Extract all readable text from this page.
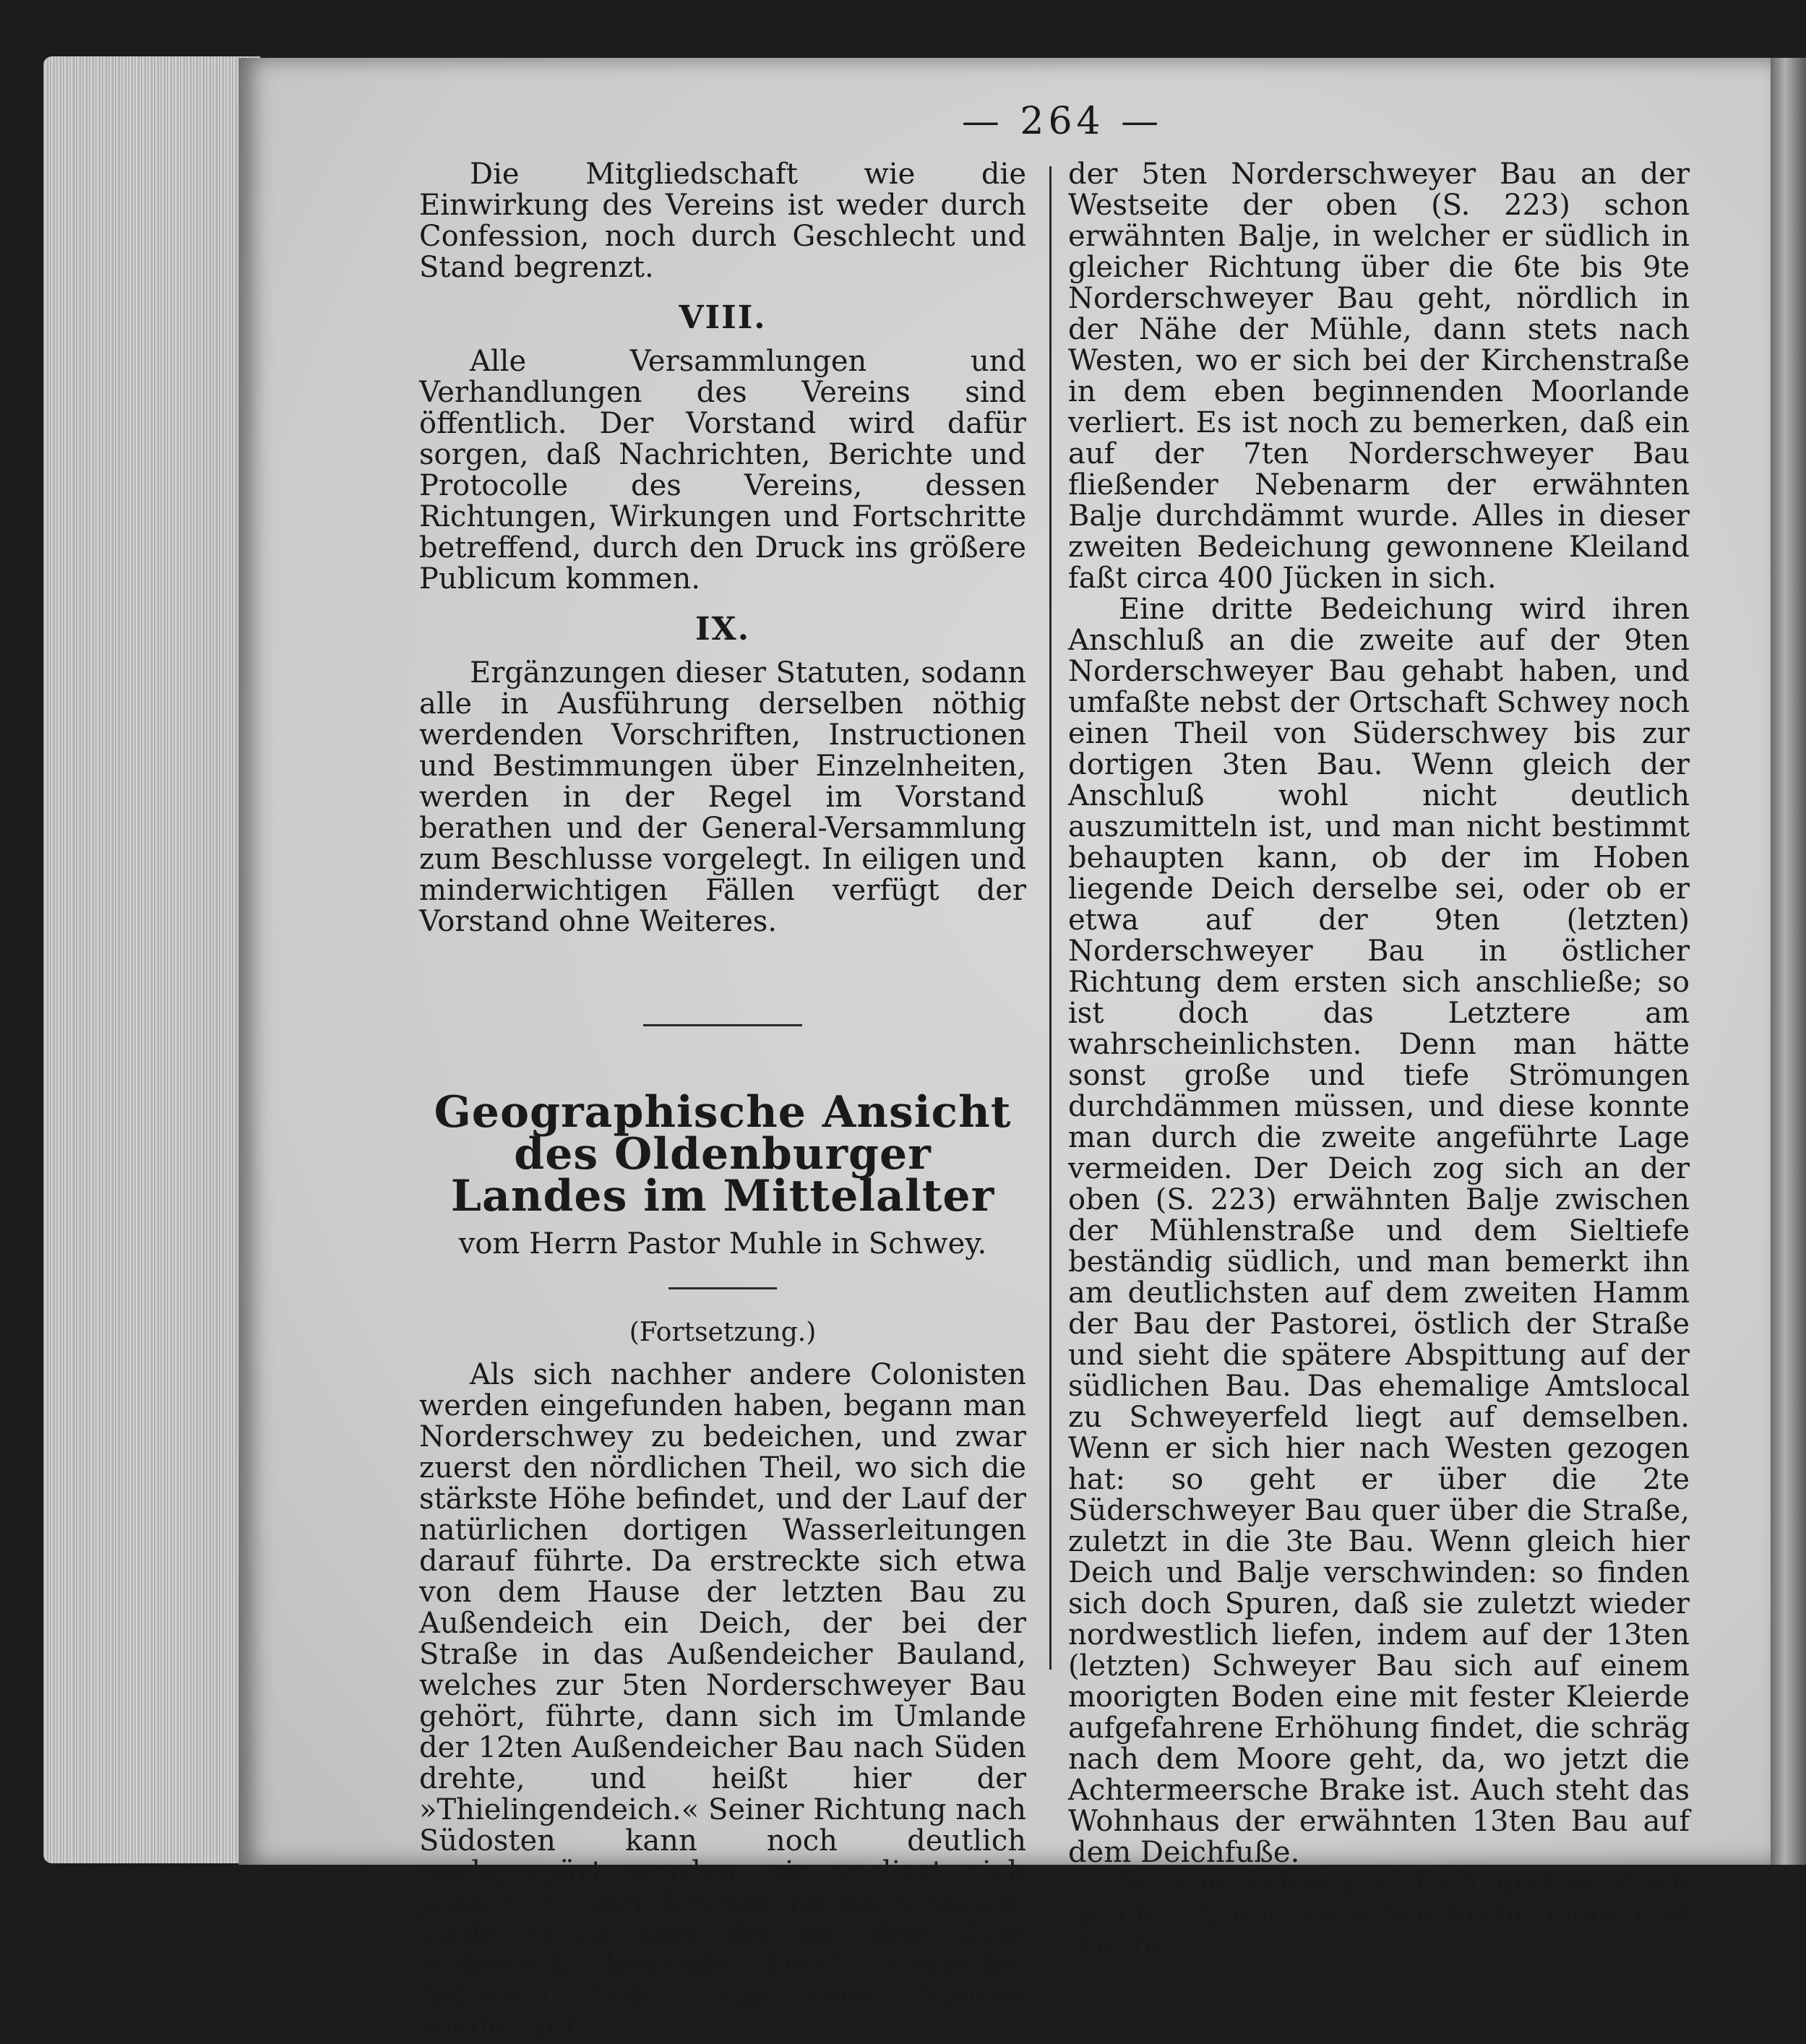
— 264 —

Die Mitgliedschaft wie die Einwirkung des Vereins ist weder durch Confession, noch durch Geschlecht und Stand begrenzt.

VIII.

Alle Versammlungen und Verhandlungen des Vereins sind öffentlich. Der Vorstand wird dafür sorgen, daß Nachrichten, Berichte und Protocolle des Vereins, dessen Richtungen, Wirkungen und Fortschritte betreffend, durch den Druck ins größere Publicum kommen.

IX.

Ergänzungen dieser Statuten, sodann alle in Ausführung derselben nöthig werdenden Vorschriften, Instructionen und Bestimmungen über Einzelnheiten, werden in der Regel im Vorstand berathen und der General-Versammlung zum Beschlusse vorgelegt. In eiligen und minderwichtigen Fällen verfügt der Vorstand ohne Weiteres.

Geographische Ansicht des Oldenburger Landes im Mittelalter
vom Herrn Pastor Muhle in Schwey.
(Fortsetzung.)

Als sich nachher andere Colonisten werden eingefunden haben, begann man Norderschwey zu bedeichen, und zwar zuerst den nördlichen Theil, wo sich die stärkste Höhe befindet, und der Lauf der natürlichen dortigen Wasserleitungen darauf führte. Da erstreckte sich etwa von dem Hause der letzten Bau zu Außendeich ein Deich, der bei der Straße in das Außendeicher Bauland, welches zur 5ten Norderschweyer Bau gehört, führte, dann sich im Umlande der 12ten Außendeicher Bau nach Süden drehte, und heißt hier der »Thielingendeich.« Seiner Richtung nach Südosten kann noch deutlich nachgespürt werden, sie verliert sich jedoch in einer Krümmung nach Süden, vielleicht ist aber der auf dem Gute Hobeneck liegende Deich derselbe. Indessen findet man seine Spuren wieder auf

der 5ten Norderschweyer Bau an der Westseite der oben (S. 223) schon erwähnten Balje, in welcher er südlich in gleicher Richtung über die 6te bis 9te Norderschweyer Bau geht, nördlich in der Nähe der Mühle, dann stets nach Westen, wo er sich bei der Kirchenstraße in dem eben beginnenden Moorlande verliert. Es ist noch zu bemerken, daß ein auf der 7ten Norderschweyer Bau fließender Nebenarm der erwähnten Balje durchdämmt wurde. Alles in dieser zweiten Bedeichung gewonnene Kleiland faßt circa 400 Jücken in sich.

Eine dritte Bedeichung wird ihren Anschluß an die zweite auf der 9ten Norderschweyer Bau gehabt haben, und umfaßte nebst der Ortschaft Schwey noch einen Theil von Süderschwey bis zur dortigen 3ten Bau. Wenn gleich der Anschluß wohl nicht deutlich auszumitteln ist, und man nicht bestimmt behaupten kann, ob der im Hoben liegende Deich derselbe sei, oder ob er etwa auf der 9ten (letzten) Norderschweyer Bau in östlicher Richtung dem ersten sich anschließe; so ist doch das Letztere am wahrscheinlichsten. Denn man hätte sonst große und tiefe Strömungen durchdämmen müssen, und diese konnte man durch die zweite angeführte Lage vermeiden. Der Deich zog sich an der oben (S. 223) erwähnten Balje zwischen der Mühlenstraße und dem Sieltiefe beständig südlich, und man bemerkt ihn am deutlichsten auf dem zweiten Hamm der Bau der Pastorei, östlich der Straße und sieht die spätere Abspittung auf der südlichen Bau. Das ehemalige Amtslocal zu Schweyerfeld liegt auf demselben. Wenn er sich hier nach Westen gezogen hat: so geht er über die 2te Süderschweyer Bau quer über die Straße, zuletzt in die 3te Bau. Wenn gleich hier Deich und Balje verschwinden: so finden sich doch Spuren, daß sie zuletzt wieder nordwestlich liefen, indem auf der 13ten (letzten) Schweyer Bau sich auf einem moorigten Boden eine mit fester Kleierde aufgefahrene Erhöhung findet, die schräg nach dem Moore geht, da, wo jetzt die Achtermeersche Brake ist. Auch steht das Wohnhaus der erwähnten 13ten Bau auf dem Deichfuße.

So von Schwey südlich und nördlich geschützt, und zwischen Köthermoor und ihm be-
